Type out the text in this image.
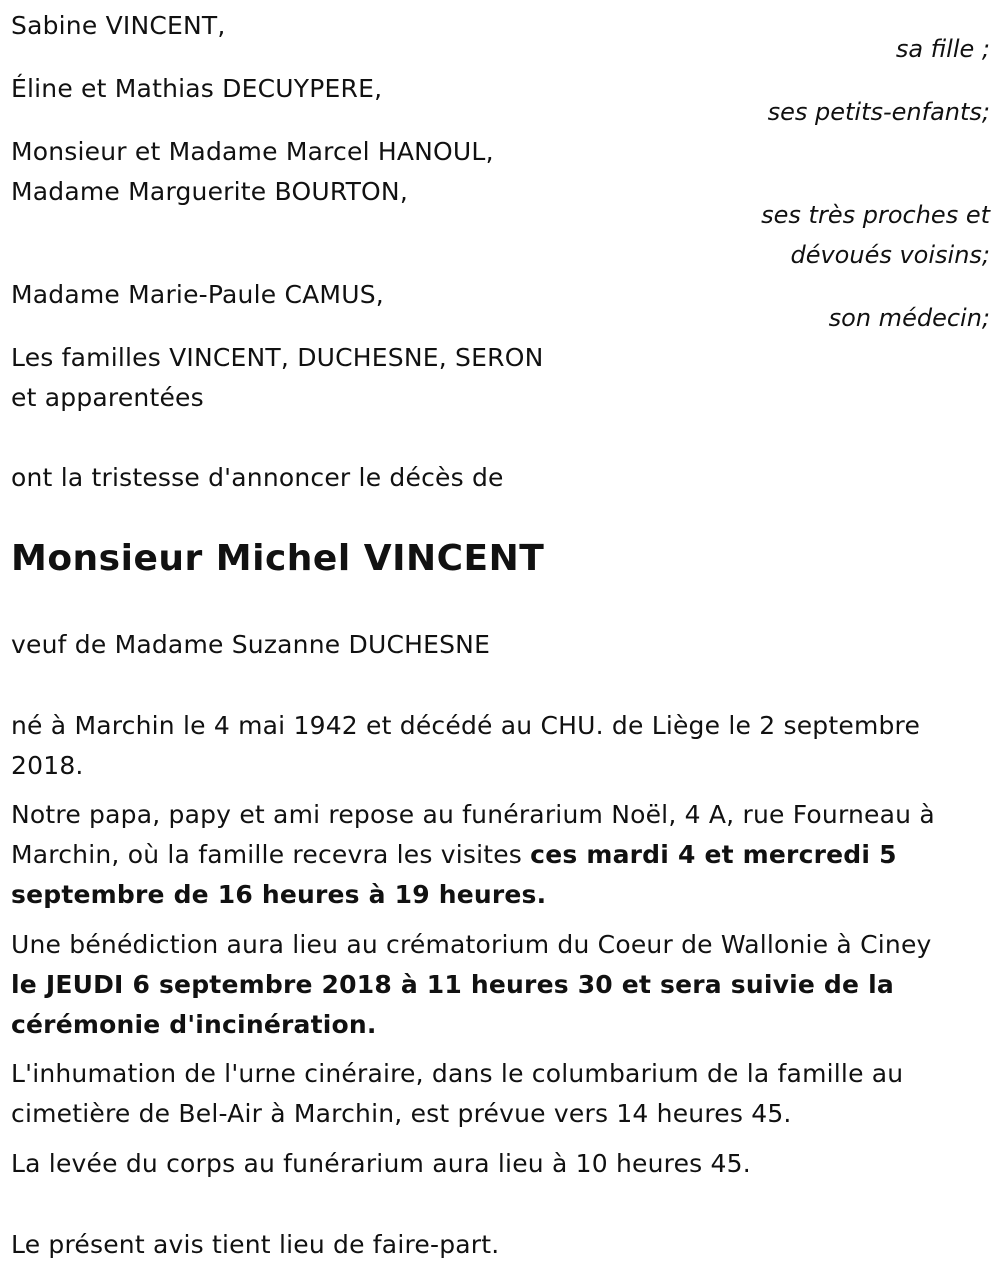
Sabine VINCENT,
sa fille ;
Éline et Mathias DECUYPERE,
ses petits-enfants;
Monsieur et Madame Marcel HANOUL,
Madame Marguerite BOURTON,
ses très proches et
dévoués voisins;
Madame Marie-Paule CAMUS,
son médecin;
Les familles VINCENT, DUCHESNE, SERON
et apparentées
ont la tristesse d'annoncer le décès de
Monsieur Michel VINCENT
veuf de Madame Suzanne DUCHESNE
né à Marchin le 4 mai 1942 et décédé au CHU. de Liège le 2 septembre
2018.
Notre papa, papy et ami repose au funérarium Noël, 4 A, rue Fourneau à
Marchin, où la famille recevra les visites ces mardi 4 et mercredi 5
septembre de 16 heures à 19 heures.
Une bénédiction aura lieu au crématorium du Coeur de Wallonie à Ciney
le JEUDI 6 septembre 2018 à 11 heures 30 et sera suivie de la
cérémonie d'incinération.
L'inhumation de l'urne cinéraire, dans le columbarium de la famille au
cimetière de Bel-Air à Marchin, est prévue vers 14 heures 45.
La levée du corps au funérarium aura lieu à 10 heures 45.
Le présent avis tient lieu de faire-part.
